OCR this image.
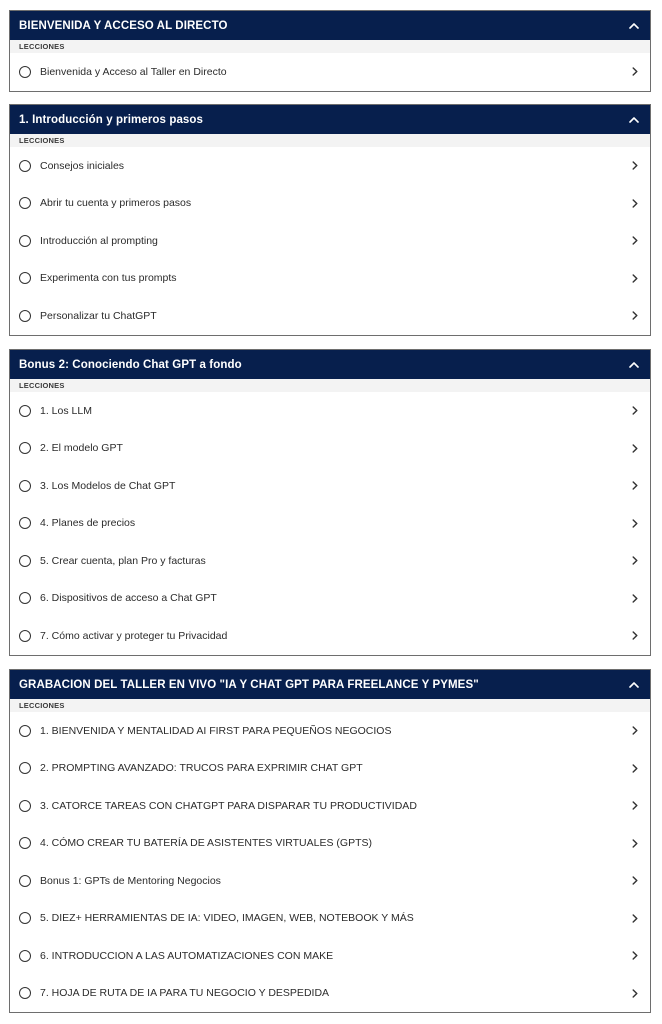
BIENVENIDA Y ACCESO AL DIRECTO
LECCIONES
Bienvenida y Acceso al Taller en Directo
1. Introducción y primeros pasos
LECCIONES
Consejos iniciales
Abrir tu cuenta y primeros pasos
Introducción al prompting
Experimenta con tus prompts
Personalizar tu ChatGPT
Bonus 2: Conociendo Chat GPT a fondo
LECCIONES
1. Los LLM
2. El modelo GPT
3. Los Modelos de Chat GPT
4. Planes de precios
5. Crear cuenta, plan Pro y facturas
6. Dispositivos de acceso a Chat GPT
7. Cómo activar y proteger tu Privacidad
GRABACION DEL TALLER EN VIVO "IA Y CHAT GPT PARA FREELANCE Y PYMES"
LECCIONES
1. BIENVENIDA Y MENTALIDAD AI FIRST PARA PEQUEÑOS NEGOCIOS
2. PROMPTING AVANZADO: TRUCOS PARA EXPRIMIR CHAT GPT
3. CATORCE TAREAS CON CHATGPT PARA DISPARAR TU PRODUCTIVIDAD
4. CÓMO CREAR TU BATERÍA DE ASISTENTES VIRTUALES (GPTS)
Bonus 1: GPTs de Mentoring Negocios
5. DIEZ+ HERRAMIENTAS DE IA: VIDEO, IMAGEN, WEB, NOTEBOOK Y MÁS
6. INTRODUCCION A LAS AUTOMATIZACIONES CON MAKE
7. HOJA DE RUTA DE IA PARA TU NEGOCIO Y DESPEDIDA
